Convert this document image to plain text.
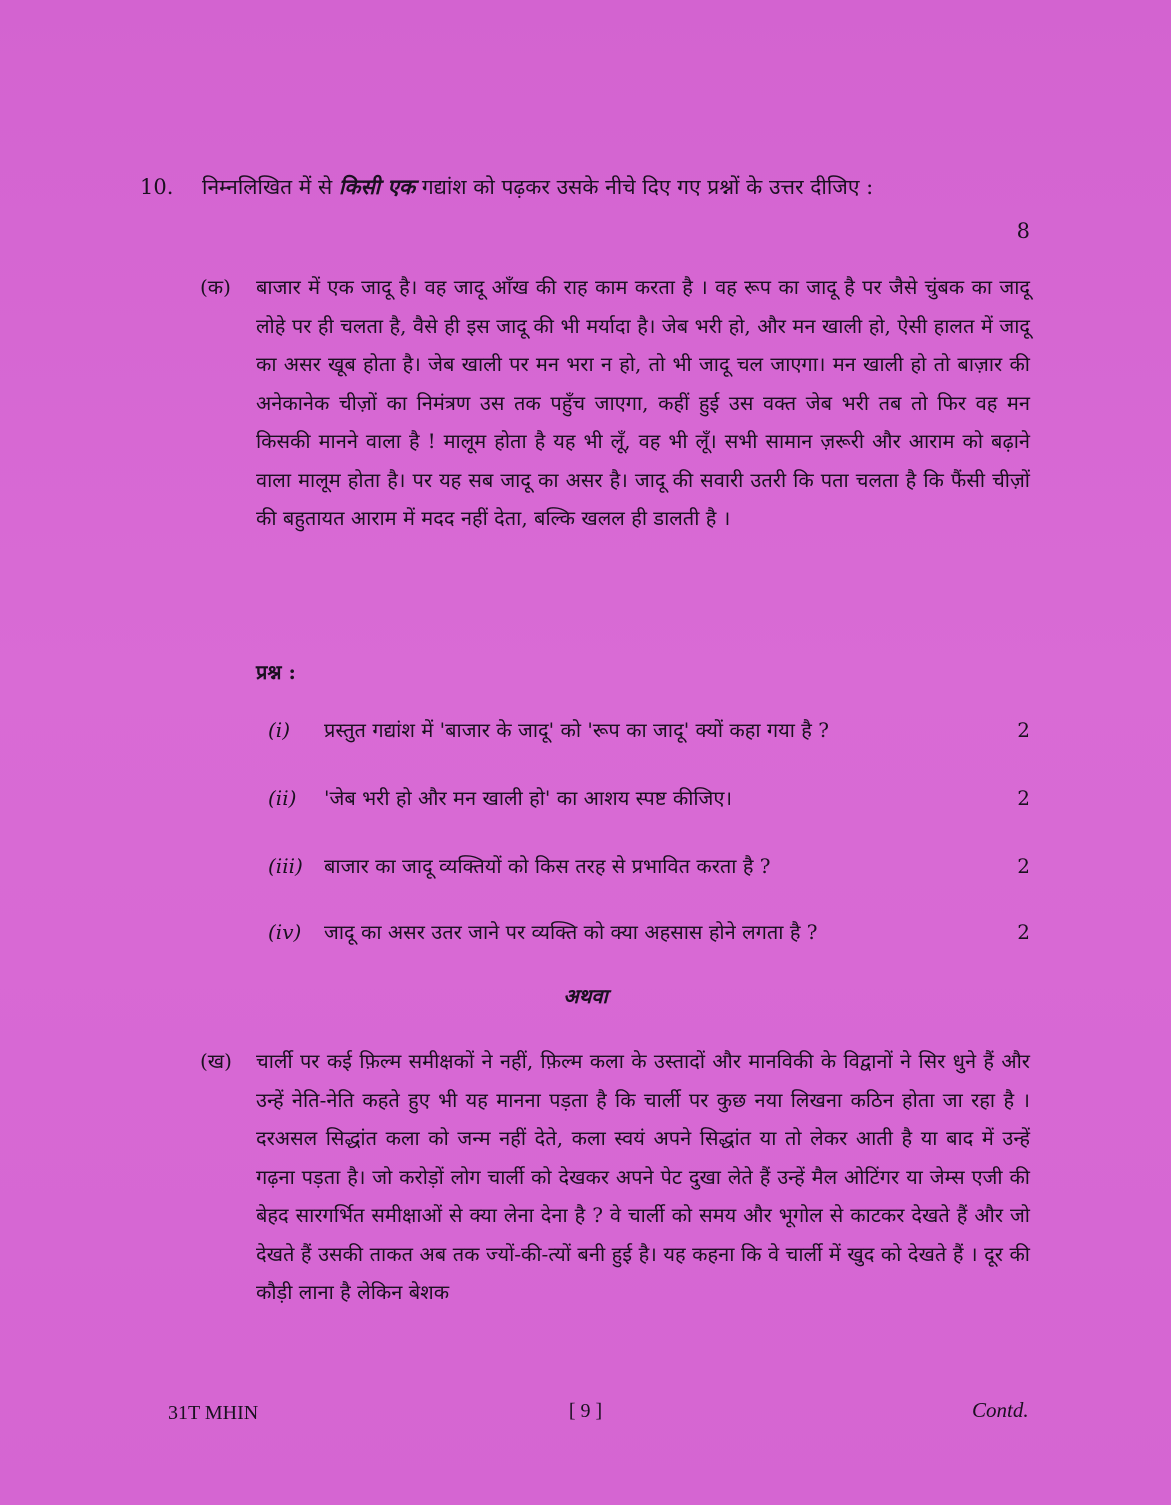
10. निम्नलिखित में से किसी एक गद्यांश को पढ़कर उसके नीचे दिए गए प्रश्नों के उत्तर दीजिए :
8
(क) बाजार में एक जादू है। वह जादू आँख की राह काम करता है । वह रूप का जादू है पर जैसे चुंबक का जादू लोहे पर ही चलता है, वैसे ही इस जादू की भी मर्यादा है। जेब भरी हो, और मन खाली हो, ऐसी हालत में जादू का असर खूब होता है। जेब खाली पर मन भरा न हो, तो भी जादू चल जाएगा। मन खाली हो तो बाज़ार की अनेकानेक चीज़ों का निमंत्रण उस तक पहुँच जाएगा, कहीं हुई उस वक्त जेब भरी तब तो फिर वह मन किसकी मानने वाला है ! मालूम होता है यह भी लूँ, वह भी लूँ। सभी सामान ज़रूरी और आराम को बढ़ाने वाला मालूम होता है। पर यह सब जादू का असर है। जादू की सवारी उतरी कि पता चलता है कि फैंसी चीज़ों की बहुतायत आराम में मदद नहीं देता, बल्कि खलल ही डालती है ।
प्रश्न :
(i) प्रस्तुत गद्यांश में 'बाजार के जादू' को 'रूप का जादू' क्यों कहा गया है ?	2
(ii) 'जेब भरी हो और मन खाली हो' का आशय स्पष्ट कीजिए।	2
(iii) बाजार का जादू व्यक्तियों को किस तरह से प्रभावित करता है ?	2
(iv) जादू का असर उतर जाने पर व्यक्ति को क्या अहसास होने लगता है ?	2
अथवा
(ख) चार्ली पर कई फ़िल्म समीक्षकों ने नहीं, फ़िल्म कला के उस्तादों और मानविकी के विद्वानों ने सिर धुने हैं और उन्हें नेति-नेति कहते हुए भी यह मानना पड़ता है कि चार्ली पर कुछ नया लिखना कठिन होता जा रहा है । दरअसल सिद्धांत कला को जन्म नहीं देते, कला स्वयं अपने सिद्धांत या तो लेकर आती है या बाद में उन्हें गढ़ना पड़ता है। जो करोड़ों लोग चार्ली को देखकर अपने पेट दुखा लेते हैं उन्हें मैल ओटिंगर या जेम्स एजी की बेहद सारगर्भित समीक्षाओं से क्या लेना देना है ? वे चार्ली को समय और भूगोल से काटकर देखते हैं और जो देखते हैं उसकी ताकत अब तक ज्यों-की-त्यों बनी हुई है। यह कहना कि वे चार्ली में खुद को देखते हैं । दूर की कौड़ी लाना है लेकिन बेशक
31T MHIN	[ 9 ]	Contd.
